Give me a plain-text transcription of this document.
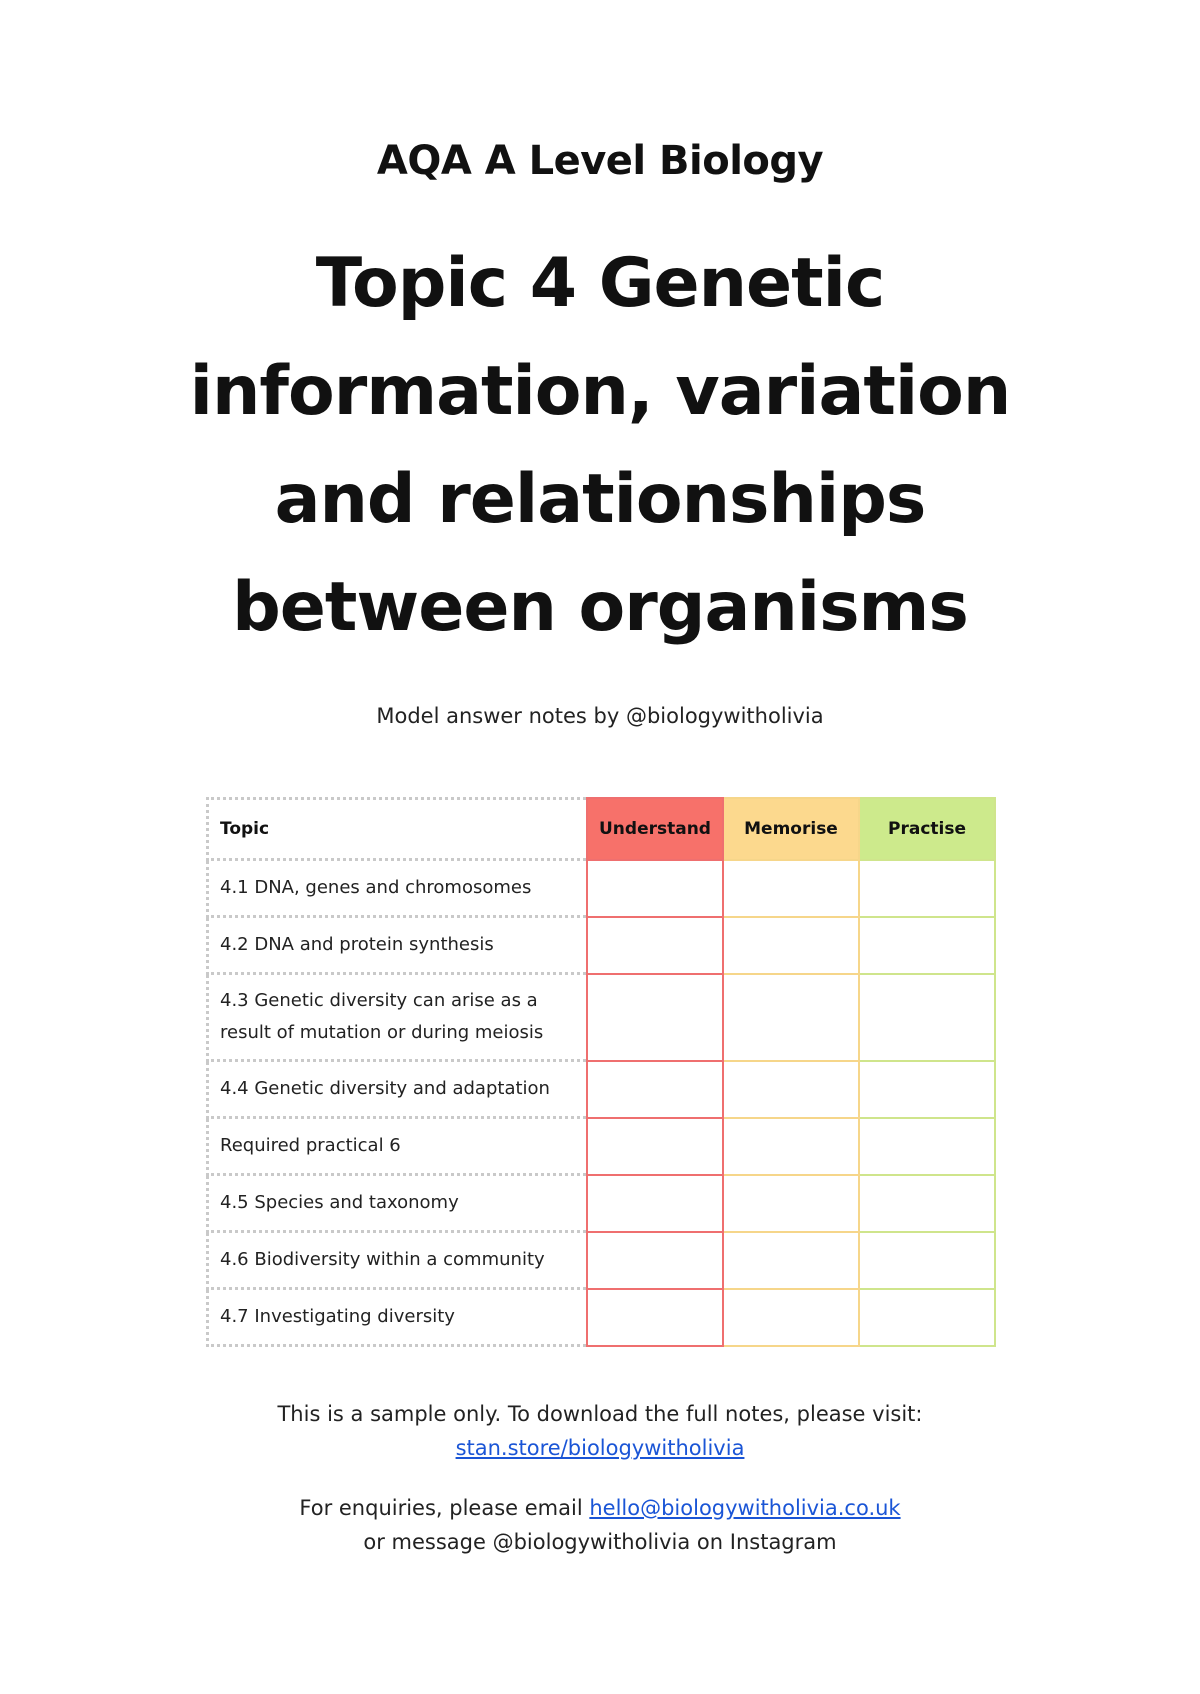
AQA A Level Biology
Topic 4 Genetic
information, variation
and relationships
between organisms

Model answer notes by @biologywitholivia

Topic	Understand	Memorise	Practise
4.1 DNA, genes and chromosomes			
4.2 DNA and protein synthesis			
4.3 Genetic diversity can arise as a result of mutation or during meiosis			
4.4 Genetic diversity and adaptation			
Required practical 6			
4.5 Species and taxonomy			
4.6 Biodiversity within a community			
4.7 Investigating diversity			

This is a sample only. To download the full notes, please visit:
stan.store/biologywitholivia

For enquiries, please email hello@biologywitholivia.co.uk
or message @biologywitholivia on Instagram
